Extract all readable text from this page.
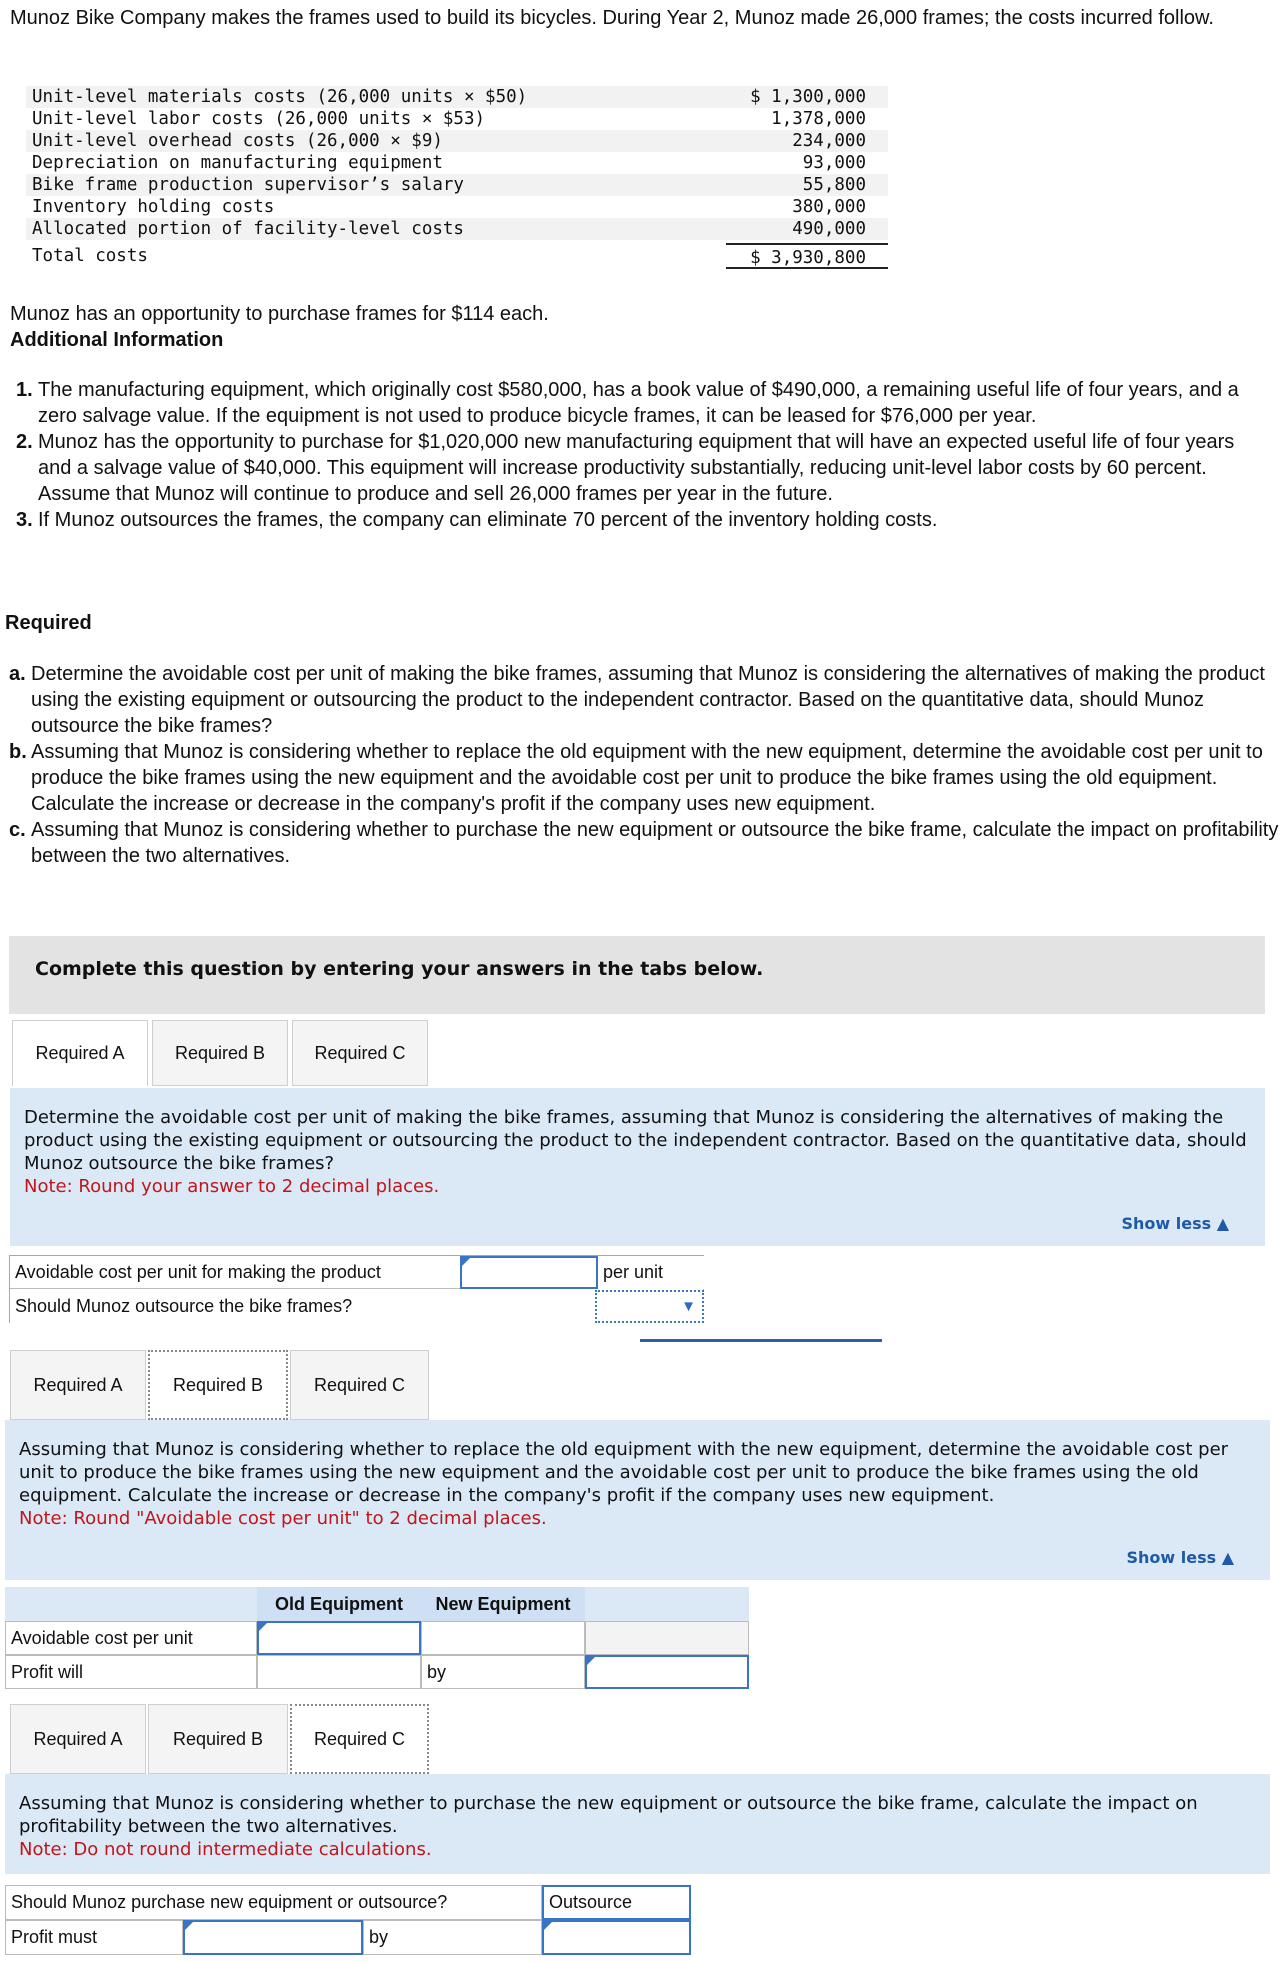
Munoz Bike Company makes the frames used to build its bicycles. During Year 2, Munoz made 26,000 frames; the costs incurred follow.
Unit-level materials costs (26,000 units × $50)	$ 1,300,000
Unit-level labor costs (26,000 units × $53)	1,378,000
Unit-level overhead costs (26,000 × $9)	234,000
Depreciation on manufacturing equipment	93,000
Bike frame production supervisor’s salary	55,800
Inventory holding costs	380,000
Allocated portion of facility-level costs	490,000
Total costs	$ 3,930,800
Munoz has an opportunity to purchase frames for $114 each.
Additional Information
1. The manufacturing equipment, which originally cost $580,000, has a book value of $490,000, a remaining useful life of four years, and a zero salvage value. If the equipment is not used to produce bicycle frames, it can be leased for $76,000 per year.
2. Munoz has the opportunity to purchase for $1,020,000 new manufacturing equipment that will have an expected useful life of four years and a salvage value of $40,000. This equipment will increase productivity substantially, reducing unit-level labor costs by 60 percent. Assume that Munoz will continue to produce and sell 26,000 frames per year in the future.
3. If Munoz outsources the frames, the company can eliminate 70 percent of the inventory holding costs.
Required
a. Determine the avoidable cost per unit of making the bike frames, assuming that Munoz is considering the alternatives of making the product using the existing equipment or outsourcing the product to the independent contractor. Based on the quantitative data, should Munoz outsource the bike frames?
b. Assuming that Munoz is considering whether to replace the old equipment with the new equipment, determine the avoidable cost per unit to produce the bike frames using the new equipment and the avoidable cost per unit to produce the bike frames using the old equipment. Calculate the increase or decrease in the company's profit if the company uses new equipment.
c. Assuming that Munoz is considering whether to purchase the new equipment or outsource the bike frame, calculate the impact on profitability between the two alternatives.
Complete this question by entering your answers in the tabs below.
Required A	Required B	Required C
Determine the avoidable cost per unit of making the bike frames, assuming that Munoz is considering the alternatives of making the product using the existing equipment or outsourcing the product to the independent contractor. Based on the quantitative data, should Munoz outsource the bike frames?
Note: Round your answer to 2 decimal places.
Show less ▲
Avoidable cost per unit for making the product	per unit
Should Munoz outsource the bike frames?	▼
Required A	Required B	Required C
Assuming that Munoz is considering whether to replace the old equipment with the new equipment, determine the avoidable cost per unit to produce the bike frames using the new equipment and the avoidable cost per unit to produce the bike frames using the old equipment. Calculate the increase or decrease in the company's profit if the company uses new equipment.
Note: Round "Avoidable cost per unit" to 2 decimal places.
Show less ▲
Old Equipment	New Equipment
Avoidable cost per unit
Profit will	by
Required A	Required B	Required C
Assuming that Munoz is considering whether to purchase the new equipment or outsource the bike frame, calculate the impact on profitability between the two alternatives.
Note: Do not round intermediate calculations.
Should Munoz purchase new equipment or outsource?	Outsource
Profit must	by
